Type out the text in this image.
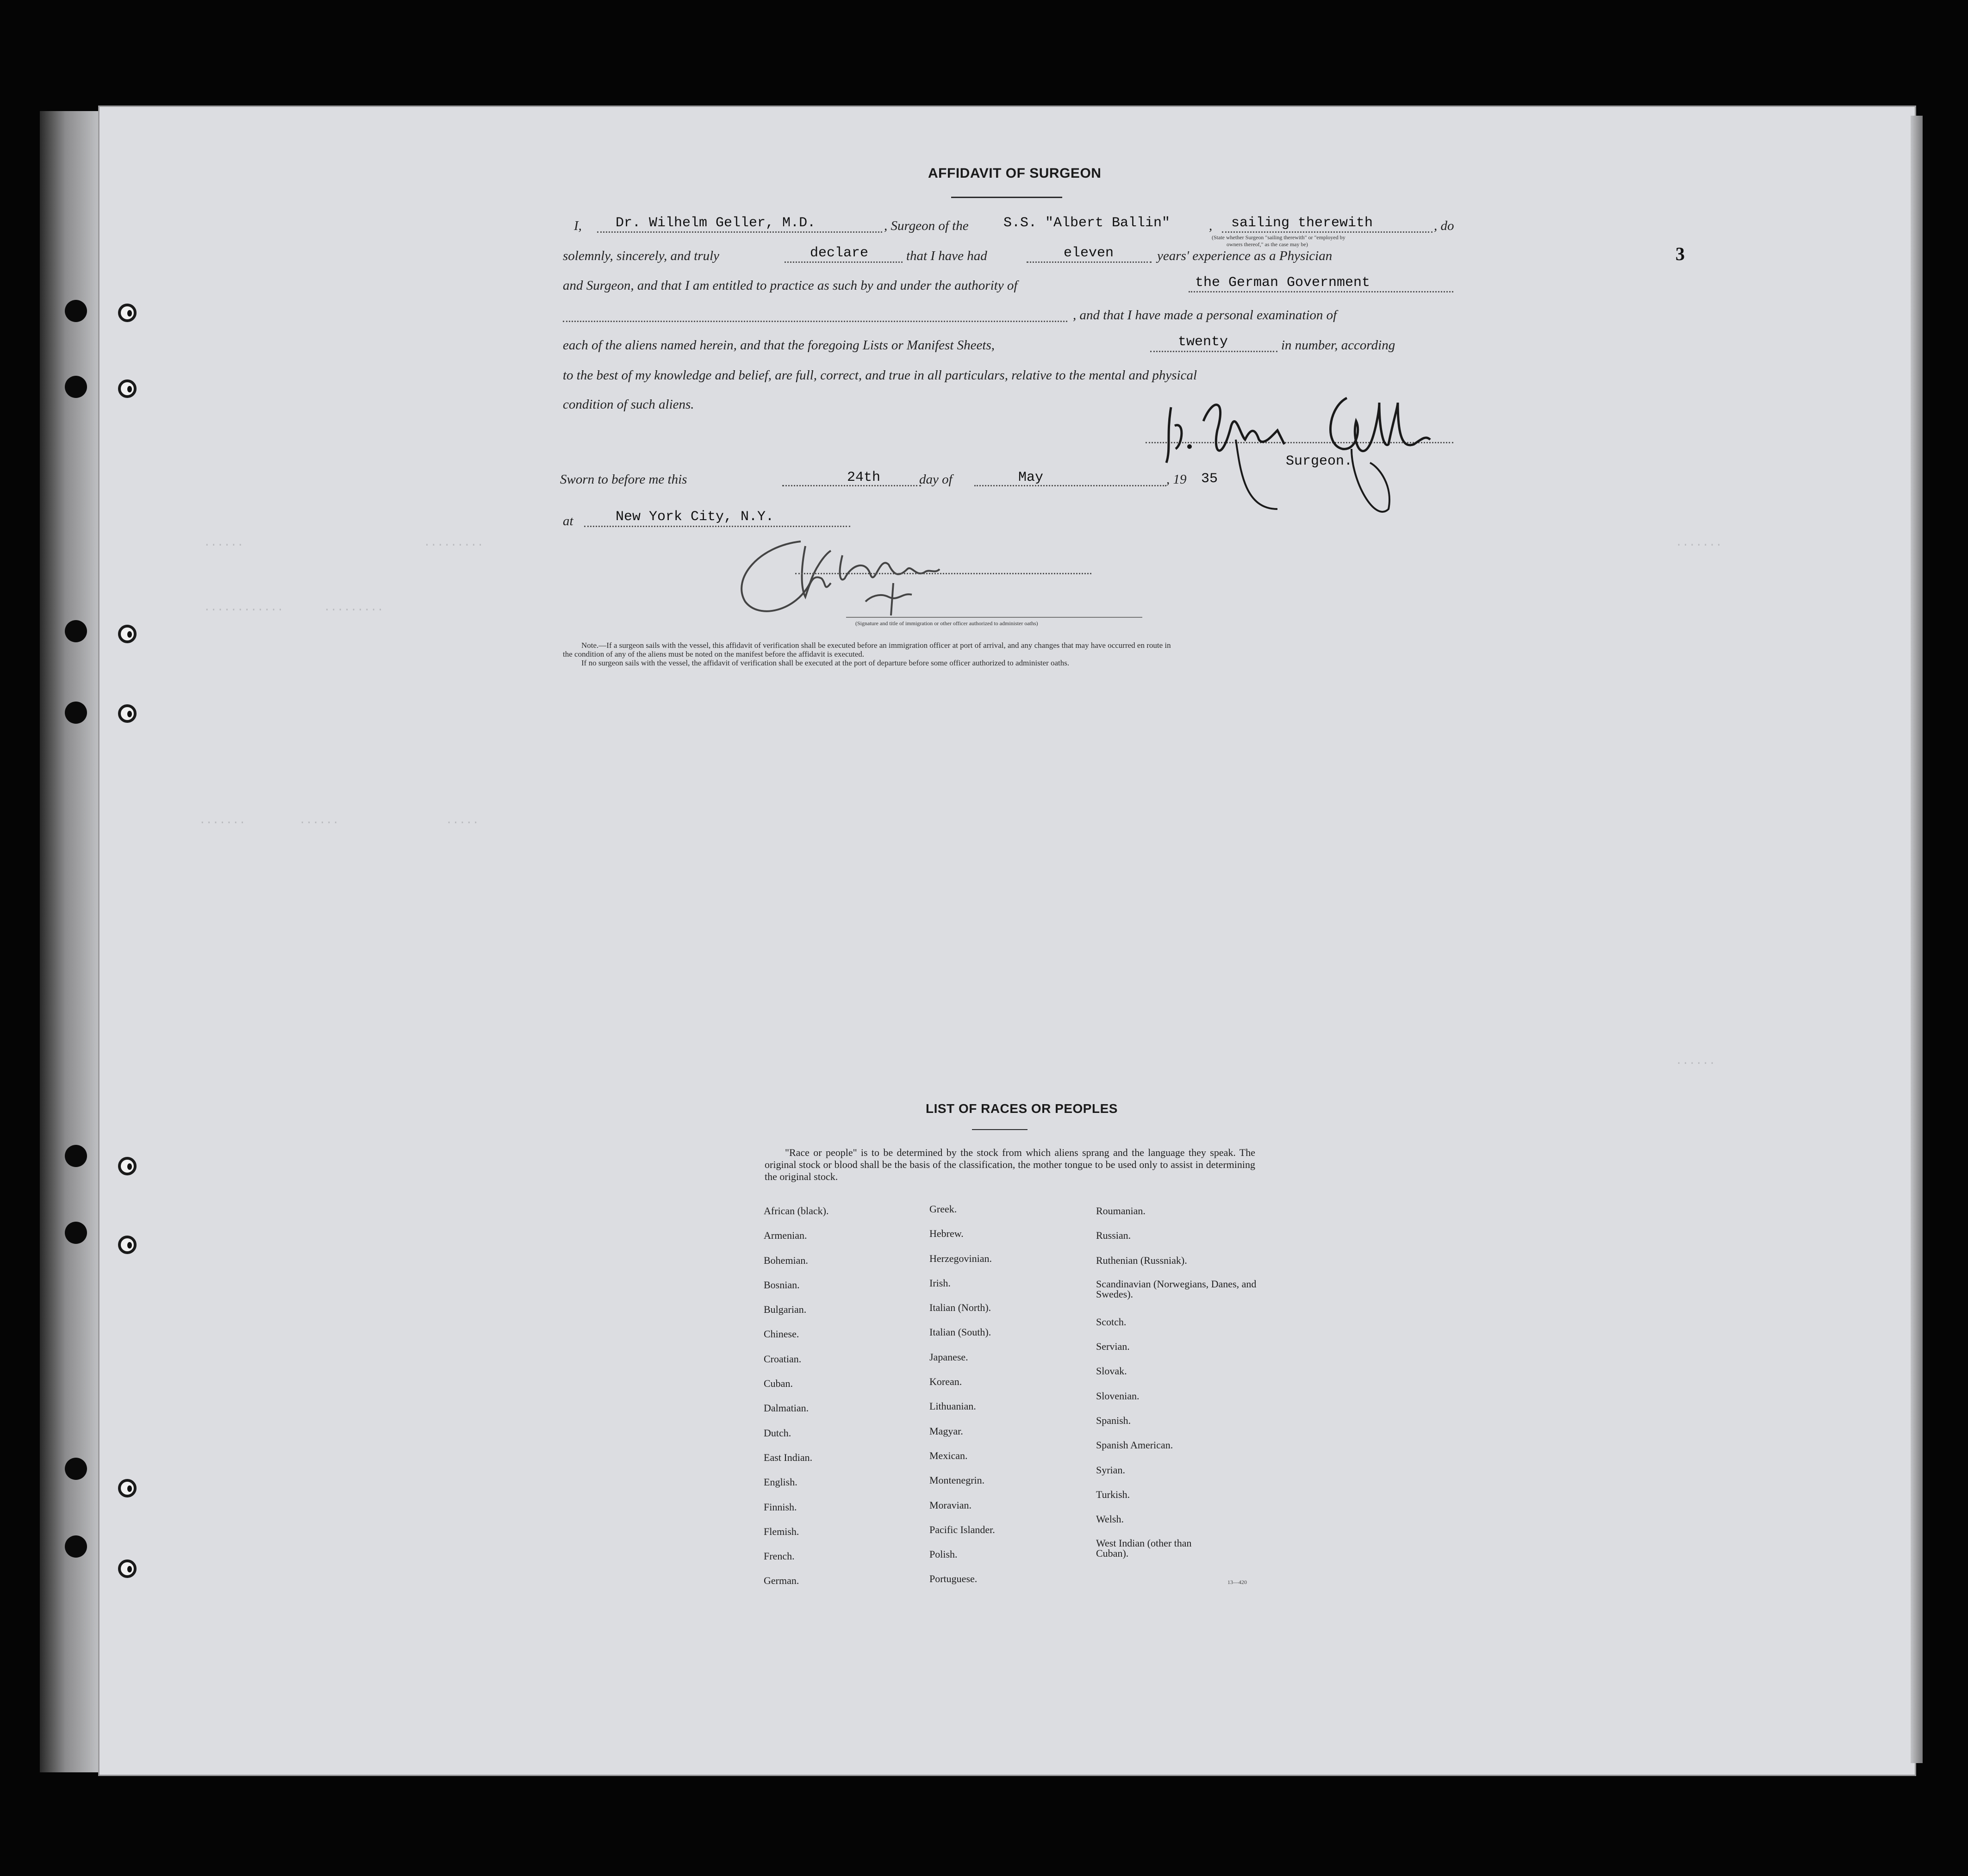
......                           .........
............      .........
.......        ......                .....
.......
......
3
AFFIDAVIT OF SURGEON
I, Dr. Wilhelm Geller, M.D.	, Surgeon of the	S.S. "Albert Ballin"	, sailing therewith	, do
(State whether Surgeon "sailing therewith" or "employed by
owners thereof," as the case may be)
solemnly, sincerely, and truly	declare	that I have had	eleven	years' experience as a Physician
and Surgeon, and that I am entitled to practice as such by and under the authority of	the German Government
, and that I have made a personal examination of
each of the aliens named herein, and that the foregoing Lists or Manifest Sheets,	twenty	in number, according
to the best of my knowledge and belief, are full, correct, and true in all particulars, relative to the mental and physical
condition of such aliens.
Surgeon.
Sworn to before me this	24th	day of	May	, 19 35
at	New York City, N.Y.
(Signature and title of immigration or other officer authorized to administer oaths)

Note.—If a surgeon sails with the vessel, this affidavit of verification shall be executed before an immigration officer at port of arrival, and any changes that may have occurred en route in

the condition of any of the aliens must be noted on the manifest before the affidavit is executed.

If no surgeon sails with the vessel, the affidavit of verification shall be executed at the port of departure before some officer authorized to administer oaths.

LIST OF RACES OR PEOPLES
"Race or people" is to be determined by the stock from which aliens sprang and the language they speak. The original stock or blood shall be the basis of the classification, the mother tongue to be used only to assist in determining the original stock.
African (black).
Armenian.
Bohemian.
Bosnian.
Bulgarian.
Chinese.
Croatian.
Cuban.
Dalmatian.
Dutch.
East Indian.
English.
Finnish.
Flemish.
French.
German.
Greek.
Hebrew.
Herzegovinian.
Irish.
Italian (North).
Italian (South).
Japanese.
Korean.
Lithuanian.
Magyar.
Mexican.
Montenegrin.
Moravian.
Pacific Islander.
Polish.
Portuguese.
Roumanian.
Russian.
Ruthenian (Russniak).
Scandinavian (Norwegians, Danes, and Swedes).
Scotch.
Servian.
Slovak.
Slovenian.
Spanish.
Spanish American.
Syrian.
Turkish.
Welsh.
West Indian (other than Cuban).
13—420
